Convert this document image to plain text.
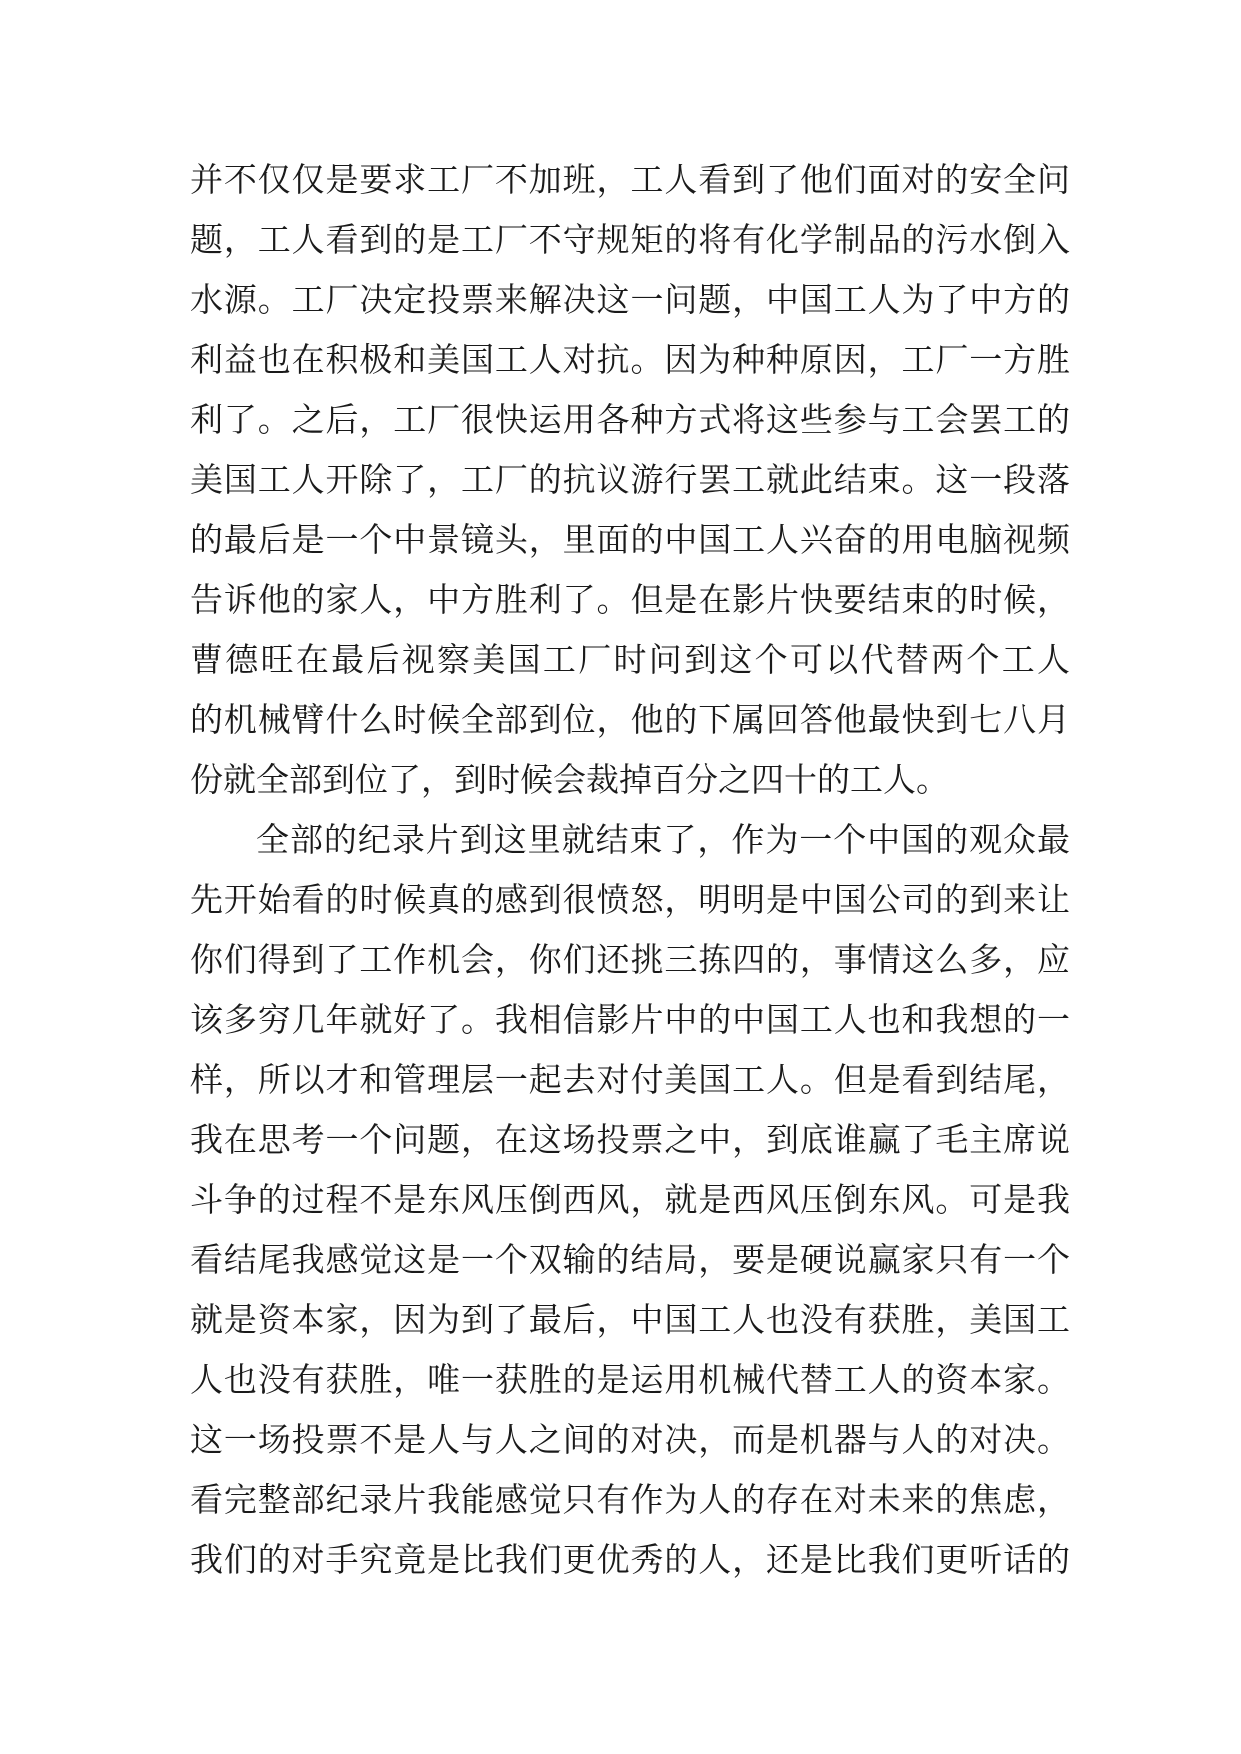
并不仅仅是要求工厂不加班，工人看到了他们面对的安全问
题，工人看到的是工厂不守规矩的将有化学制品的污水倒入
水源。工厂决定投票来解决这一问题，中国工人为了中方的
利益也在积极和美国工人对抗。因为种种原因，工厂一方胜
利了。之后，工厂很快运用各种方式将这些参与工会罢工的
美国工人开除了，工厂的抗议游行罢工就此结束。这一段落
的最后是一个中景镜头，里面的中国工人兴奋的用电脑视频
告诉他的家人，中方胜利了。但是在影片快要结束的时候，
曹德旺在最后视察美国工厂时问到这个可以代替两个工人
的机械臂什么时候全部到位，他的下属回答他最快到七八月
份就全部到位了，到时候会裁掉百分之四十的工人。
全部的纪录片到这里就结束了，作为一个中国的观众最
先开始看的时候真的感到很愤怒，明明是中国公司的到来让
你们得到了工作机会，你们还挑三拣四的，事情这么多，应
该多穷几年就好了。我相信影片中的中国工人也和我想的一
样，所以才和管理层一起去对付美国工人。但是看到结尾，
我在思考一个问题，在这场投票之中，到底谁赢了毛主席说
斗争的过程不是东风压倒西风，就是西风压倒东风。可是我
看结尾我感觉这是一个双输的结局，要是硬说赢家只有一个
就是资本家，因为到了最后，中国工人也没有获胜，美国工
人也没有获胜，唯一获胜的是运用机械代替工人的资本家。
这一场投票不是人与人之间的对决，而是机器与人的对决。
看完整部纪录片我能感觉只有作为人的存在对未来的焦虑，
我们的对手究竟是比我们更优秀的人，还是比我们更听话的
